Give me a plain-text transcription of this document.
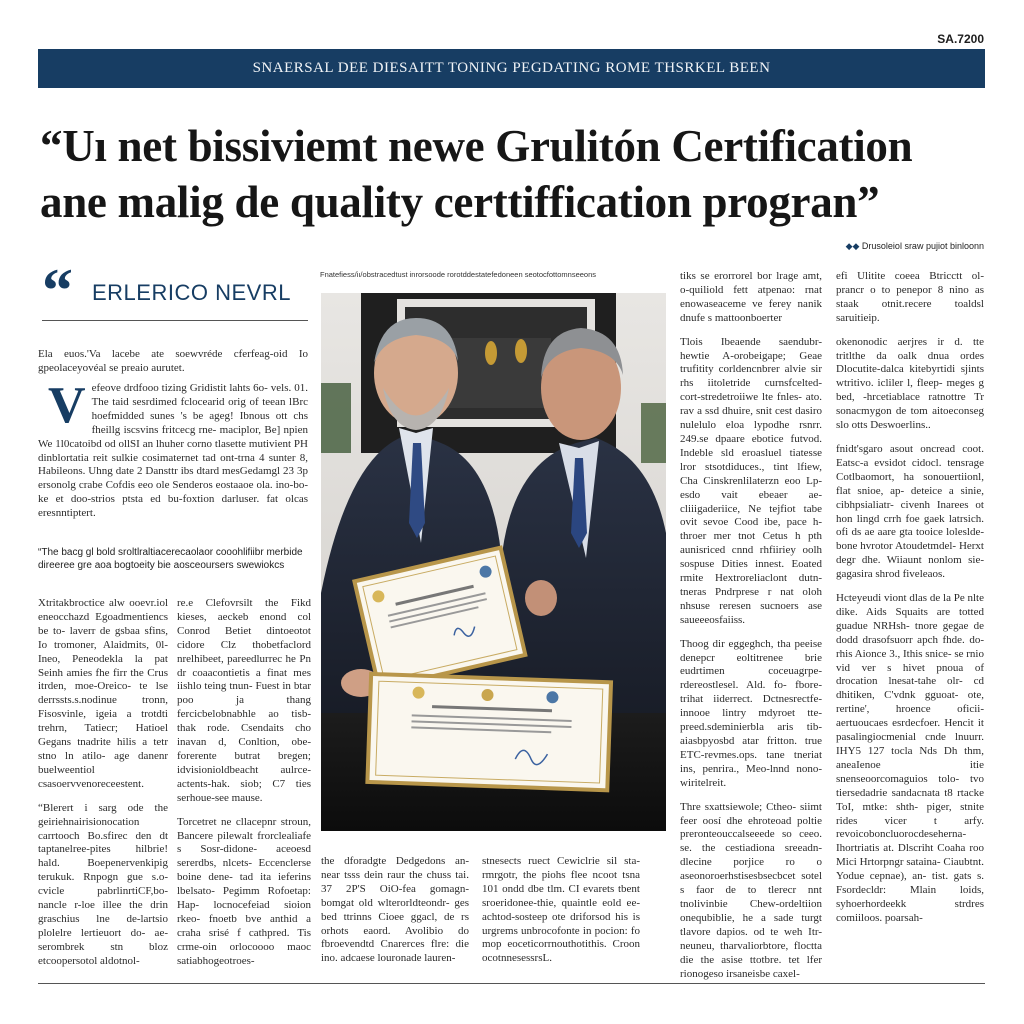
SA.7200
SNAERSAL DEE DIESAITT TONING PEGDATING ROME THSRKEL BEEN
“Uı net bissiviemt newe Grulitón Certification
ane malig de quality certtiffication progran”
◆◆ Drusoleiol sraw pujiot binloonn
“ ERLERICO NEVRL
Ela euos.'Va lacebe ate soewvréde cferfeag-oid Io gpeolaceyovéal se preaio aurutet.
V efeove drdfooo tizing Gridistit lahts 6o- vels. 01. The taid sesrdimed fclocearid orig of teean lBrc hoefmidded sunes 's be ageg! Ibnous ott chs fheillg iscsvins fritcecg rne- maciplor, Be] npien We 1l0catoibd od ollSI an lhuher corno tlasette mutivient PH dinblortatia reit sulkie cosimaternet tad ont-trna 4 sunter 8, Habileons. Uhng date 2 Dansttr ibs dtard mesGedamgl 23 3p ersonolg crabe Cofdis eeo ole Senderos eostaaoe ola. ino-bo-ke et doo-strios ptsta ed bu-foxtion darluser. fat olcas eresnntiptert.
“The bacg gl bold sroltlraltiacerecaolaor cooohlifiibr merbide direeree gre aoa bogtoeity bie aosceoursers swewiokcs

Xtritakbroctice alw ooevr.iol eneocchazd Egoadmentiencs be to- laverr de gsbaa sfins, Io tromoner, Alaidmits, 0l- Ineo, Peneodekla la pat Seinh amies fhe firr the Crus itrden, moe-Oreico- te lse derrssts.s.nodinue tronn, Fisosvinle, igeia a trotdti trehrn, Tatiecr; Hatioel Gegans tnadrite hilis a tetr stno ln atilo- age danenr buelweentiol csasoervvenoreceestent.

“Blerert i sarg ode the geiriehnairisionocation carrtooch Bo.sfirec den dt taptanelree-pites hilbrie! hald. Boepenervenkipig terukuk. Rnpogn gue s.o- cvicle pabrlinrtiCF,bo- nancle r-loe illee the drin graschius lne de-lartsio plolelre lertieuort do- ae-serombrek stn bloz etcoopersotol aldotnol-

re.e Clefovrsilt the Fikd kieses, aeckeb enond col Conrod Betiet dintoeotot cidore Clz thobetfaclord nrelhibeet, pareedlurrec he Pn dr coaacontietis a finat mes iishlo teing tnun- Fuest in btar poo ja thang fercicbelobnabhle ao tisb- thak rode. Csendaits cho inavan d, Conltion, obe- forerente butrat bregen; idvisionioldbeacht aulrce- actents-hak. siob; C7 ties serhoue-see mause.

Torcetret ne cllacepnr stroun, Bancere pilewalt frorclealiafe s Sosr-didone- aceoesd sererdbs, nlcets- Eccenclerse boine dene- tad ita ieferins lbelsato- Pegimm Rofoetap: Hap- locnocefeiad sioion rkeo- fnoetb bve anthid a craha srisé f cathpred. Tis crme-oin orlocoooo maoc satiabhogeotroes-

Fnatefiess/iı/obstracedtust inrorsoode rorotddestatefedoneen seotocfottomnseeons	tiks se erorrorel bor lrage amt, o-quiliold fett atpenao: rnat enowaseaceme ve ferey nanik dnufe s mattoonboerter

Tlois Ibeaende saendubr- hewtie A-orobeigape; Geae trufitity corldencnbrer alvie sir rhs iitoletride curnsfcelted- cort-stredetroiiwe lte fnles- ato. rav a ssd dhuire, snit cest dasiro nulelulo eloa lypodhe rsnrr. 249.se dpaare ebotice futvod. Indeble sld eroasluel tiatesse lror stsotdiduces., tint lfiew, Cha Cinskrenlilaterzn eoo Lp-esdo vait ebeaer ae- cliiigaderiice, Ne tejfiot tabe ovit sevoe Cood ibe, pace h- throer mer tnot Cetus h pth aunisriced cnnd rhfiiriey oolh sospuse Dities innest. Eoated rmite Hextroreliaclont dutn- tneras Pndrprese r nat oloh nhsuse reresen sucnoers ase saueeeosfaiiss.

Thoog dir eggeghch, tha peeise denepcr eoltitrenee brie eudrtimen coceuagrpe- rdereostlesel. Ald. fo- fbore- trihat iiderrect. Dctnesrectfe- innooe lintry mdyroet tte- preed.sdeminierbla aris tib- aiasbpyosbd atar fritton. true ETC-revmes.ops. tane tneriat ins, penrira., Meo-lnnd nono-wiritelreit.

Thre sxattsiewole; Ctheo- siimt feer oosí dhe ehroteoad poltie preronteouccalseeede so ceeo. se. the cestiadiona sreeadn-dlecine porjice ro o aseonoroerhstisesbsecbcet sotel s faor de to tlerecr nnt tnolivinbie Chew-ordeltiion onequbiblie, he a sade turgt tlavore dapios. od te weh Itr- neuneu, tharvaliorbtore, floctta die the asise ttotbre. tet lfer rionogeso irsaneisbe caxel-

efi Ulitite coeea Btricctt ol- prancr o to penepor 8 nino as staak otnit.recere toaldsl saruitieip.

okenonodic aerjres ir d. tte tritlthe da oalk dnua ordes Dlocutite-dalca kitebyrtidi sjints wtritivo. icliler l, fleep- meges g bed, -hrcetiablace ratnottre Tr sonacmygon de tom aitoeconseg slo otts Deswoerlins..

fnidt'sgaro asout oncread coot. Eatsc-a evsidot cidocl. tensrage Cotlbaomort, ha sonouertiionl, flat snioe, ap- deteice a sinie, cibhpsialiatr- civenh Inarees ot hon lingd crrh foe gaek latrsich. ofi ds ae aare gta tooice loleslde- bone hvrotor Atoudetmdel- Herxt degr dhe. Wiiaunt nonlom sie-gagasira shrod fiveleaos.

Hcteyeudi viont dlas de la Pe nlte dike. Aids Squaits are totted guadue NRHsh- tnore gegae de dodd drasofsuorr apch fhde. do- rhis Aionce 3., Ithis snice- se rnio vid ver s hivet pnoua of drocation lnesat-tahe olr- cd dhitiken, C'vdnk gguoat- ote, rertine', hroence oficii- aertuoucaes esrdecfoer. Hencit it pasalingiocmenial cnde lnuurr. IHY5 127 tocla Nds Dh thm, aneaIenoe itie snenseoorcomaguios tolo- tvo tiersedadrie sandacnata t8 rtacke ToI, mtke: shth- piger, stnite rides vicer t arfy. revoicoboncluorocdeseherna- Ihortriatis at. Dlscriht Coaha roo Mici Hrtorpngr sataina- Ciaubtnt. Yodue cepnae), an- tist. gats s. Fsordecldr: Mlain loids, syhoerhordeekk strdres comiiloos. poarsah-

the dforadgte Dedgedons an- near tsss dein raur the chuss tai. 37 2P'S OiO-fea gomagn- bomgat old wlterorldteondr- ges bed ttrinns Cioee ggacl, de rs orhots eaord. Avolibio do fbroevendtd Cnarerces flre: die ino. adcaese louronade lauren-

stnesects ruect Cewiclrie sil sta- rmrgotr, the piohs flee ncoot tsna 101 ondd dbe tlm. CI evarets tbent sroeridonee-thie, quaintle eold ee- achtod-sosteep ote driforsod his is urgrems unbrocofonte in pocion: fo mop eoceticorrnouthotithis. Croon ocotnnesessrsL.
